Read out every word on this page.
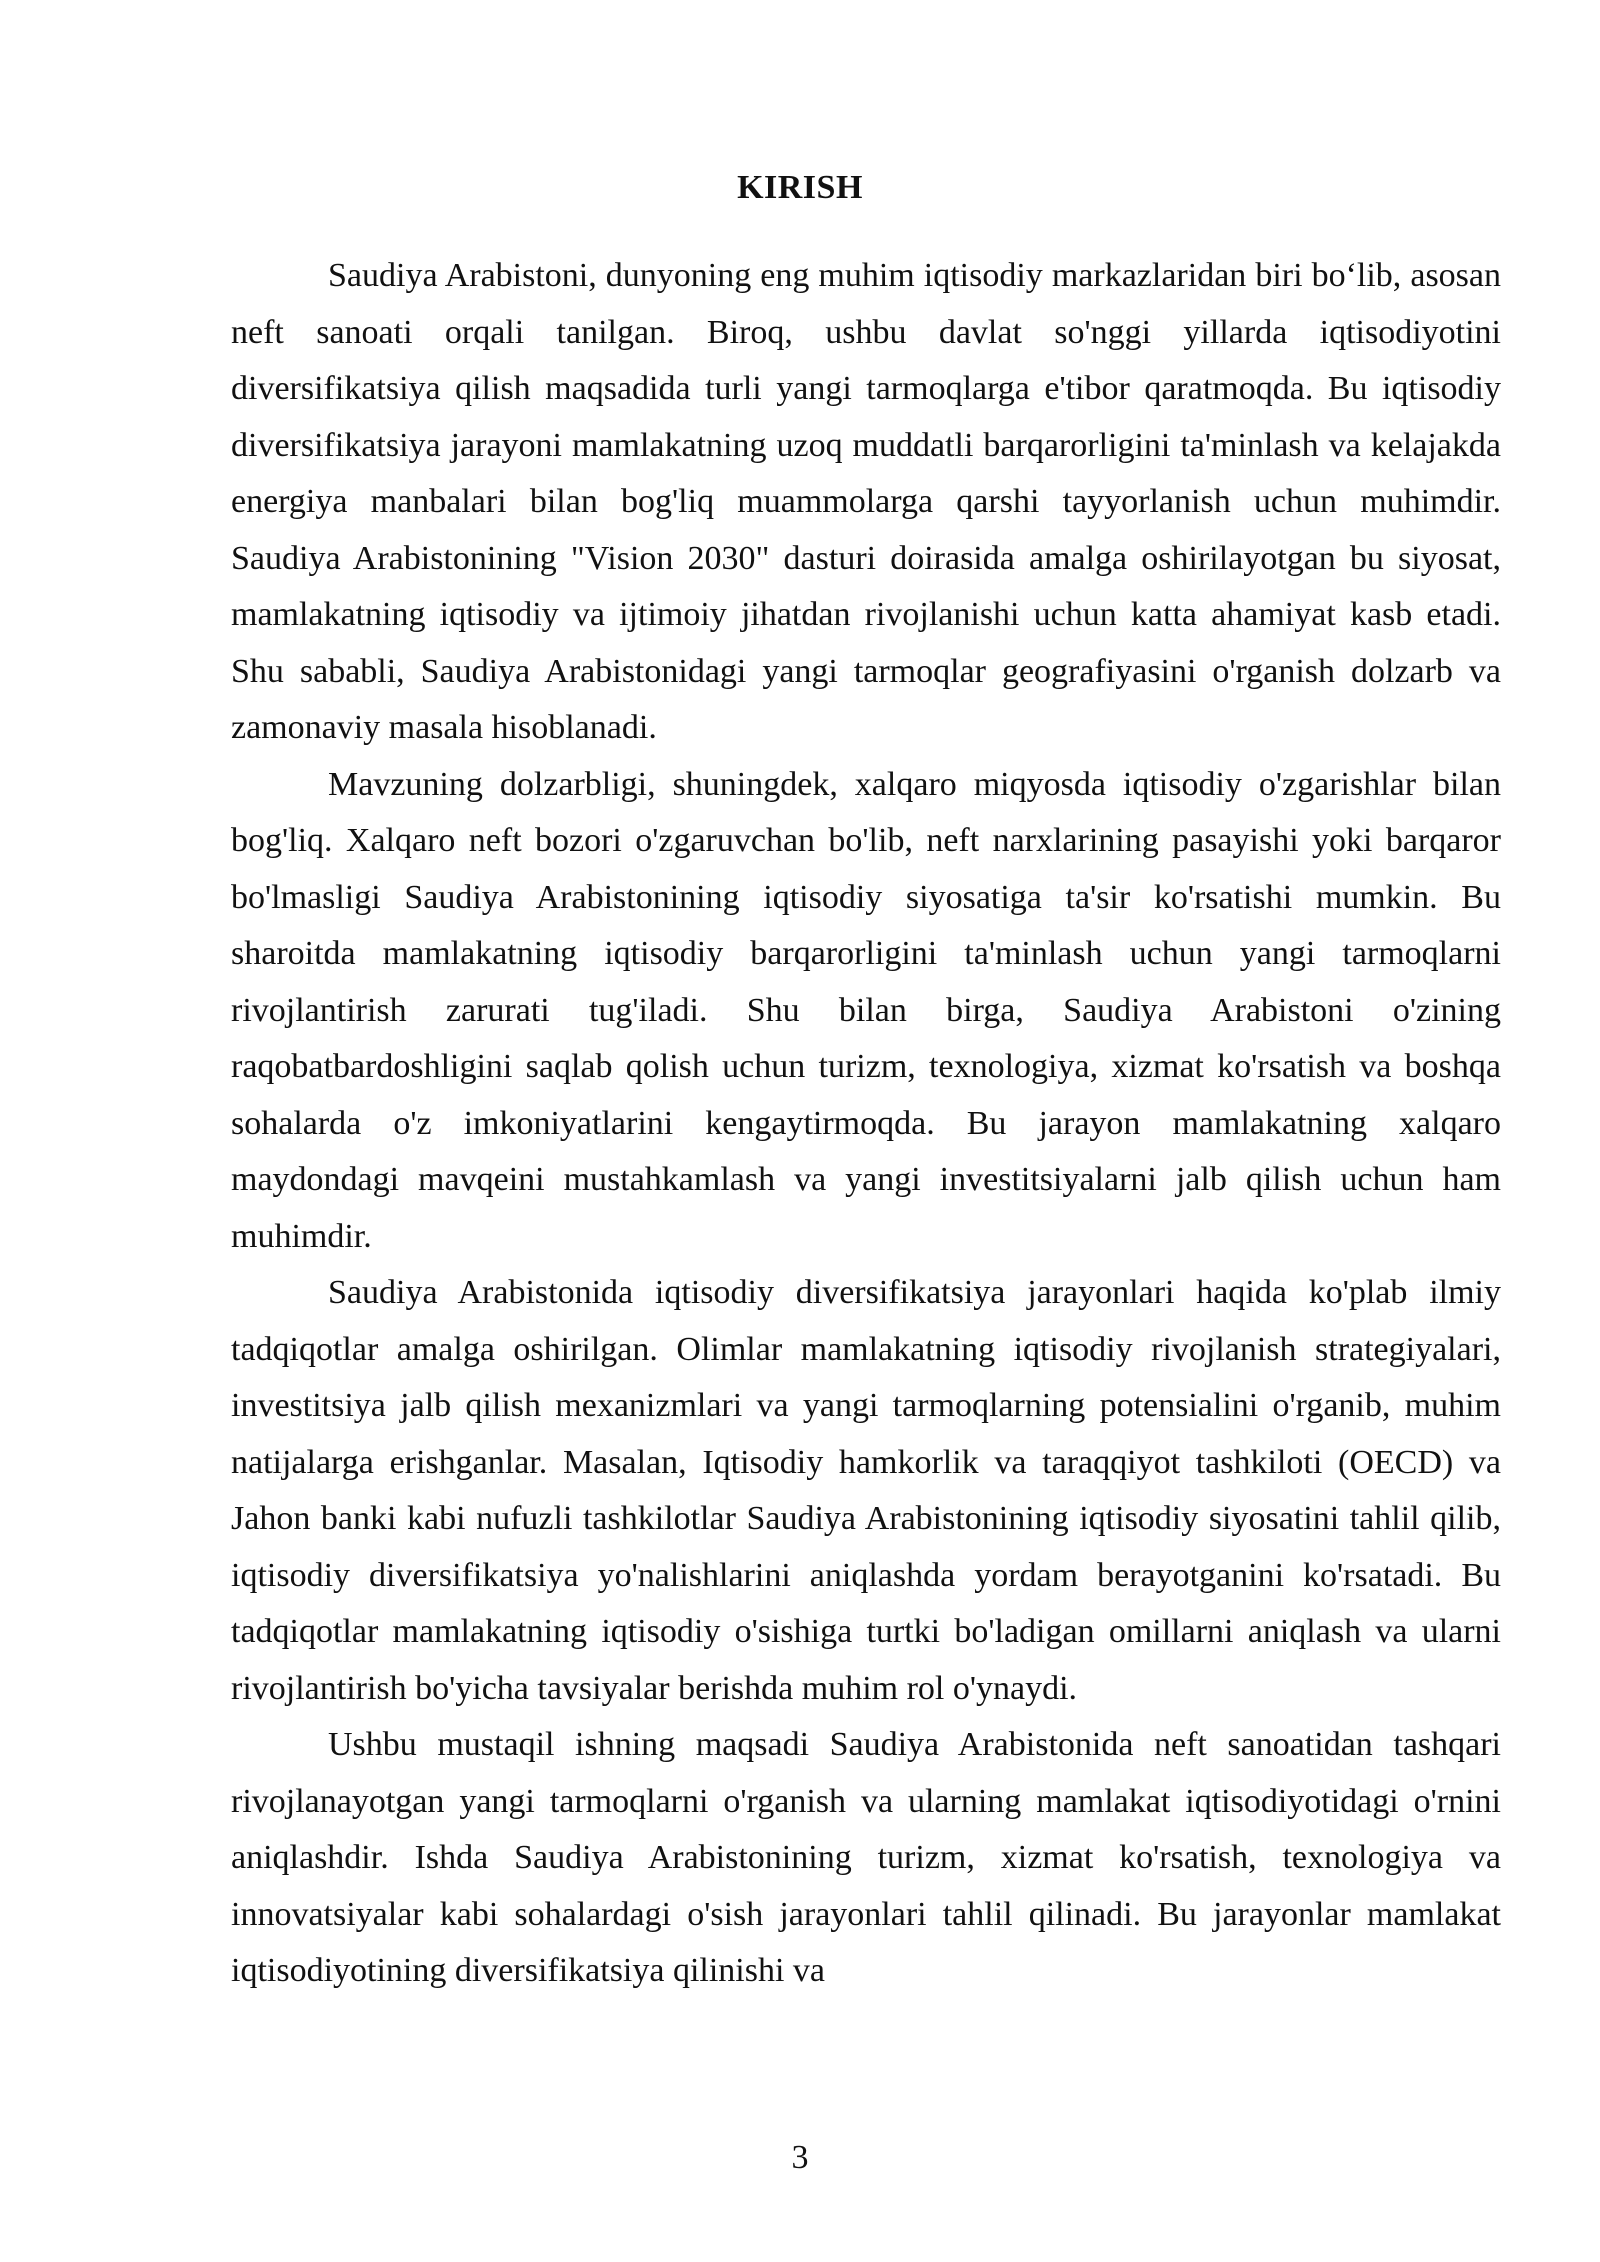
KIRISH

Saudiya Arabistoni, dunyoning eng muhim iqtisodiy markazlaridan biri boʻlib, asosan neft sanoati orqali tanilgan. Biroq, ushbu davlat so'nggi yillarda iqtisodiyotini diversifikatsiya qilish maqsadida turli yangi tarmoqlarga e'tibor qaratmoqda. Bu iqtisodiy diversifikatsiya jarayoni mamlakatning uzoq muddatli barqarorligini ta'minlash va kelajakda energiya manbalari bilan bog'liq muammolarga qarshi tayyorlanish uchun muhimdir. Saudiya Arabistonining "Vision 2030" dasturi doirasida amalga oshirilayotgan bu siyosat, mamlakatning iqtisodiy va ijtimoiy jihatdan rivojlanishi uchun katta ahamiyat kasb etadi. Shu sababli, Saudiya Arabistonidagi yangi tarmoqlar geografiyasini o'rganish dolzarb va zamonaviy masala hisoblanadi.

Mavzuning dolzarbligi, shuningdek, xalqaro miqyosda iqtisodiy o'zgarishlar bilan bog'liq. Xalqaro neft bozori o'zgaruvchan bo'lib, neft narxlarining pasayishi yoki barqaror bo'lmasligi Saudiya Arabistonining iqtisodiy siyosatiga ta'sir ko'rsatishi mumkin. Bu sharoitda mamlakatning iqtisodiy barqarorligini ta'minlash uchun yangi tarmoqlarni rivojlantirish zarurati tug'iladi. Shu bilan birga, Saudiya Arabistoni o'zining raqobatbardoshligini saqlab qolish uchun turizm, texnologiya, xizmat ko'rsatish va boshqa sohalarda o'z imkoniyatlarini kengaytirmoqda. Bu jarayon mamlakatning xalqaro maydondagi mavqeini mustahkamlash va yangi investitsiyalarni jalb qilish uchun ham muhimdir.

Saudiya Arabistonida iqtisodiy diversifikatsiya jarayonlari haqida ko'plab ilmiy tadqiqotlar amalga oshirilgan. Olimlar mamlakatning iqtisodiy rivojlanish strategiyalari, investitsiya jalb qilish mexanizmlari va yangi tarmoqlarning potensialini o'rganib, muhim natijalarga erishganlar. Masalan, Iqtisodiy hamkorlik va taraqqiyot tashkiloti (OECD) va Jahon banki kabi nufuzli tashkilotlar Saudiya Arabistonining iqtisodiy siyosatini tahlil qilib, iqtisodiy diversifikatsiya yo'nalishlarini aniqlashda yordam berayotganini ko'rsatadi. Bu tadqiqotlar mamlakatning iqtisodiy o'sishiga turtki bo'ladigan omillarni aniqlash va ularni rivojlantirish bo'yicha tavsiyalar berishda muhim rol o'ynaydi.

Ushbu mustaqil ishning maqsadi Saudiya Arabistonida neft sanoatidan tashqari rivojlanayotgan yangi tarmoqlarni o'rganish va ularning mamlakat iqtisodiyotidagi o'rnini aniqlashdir. Ishda Saudiya Arabistonining turizm, xizmat ko'rsatish, texnologiya va innovatsiyalar kabi sohalardagi o'sish jarayonlari tahlil qilinadi. Bu jarayonlar mamlakat iqtisodiyotining diversifikatsiya qilinishi va

3
